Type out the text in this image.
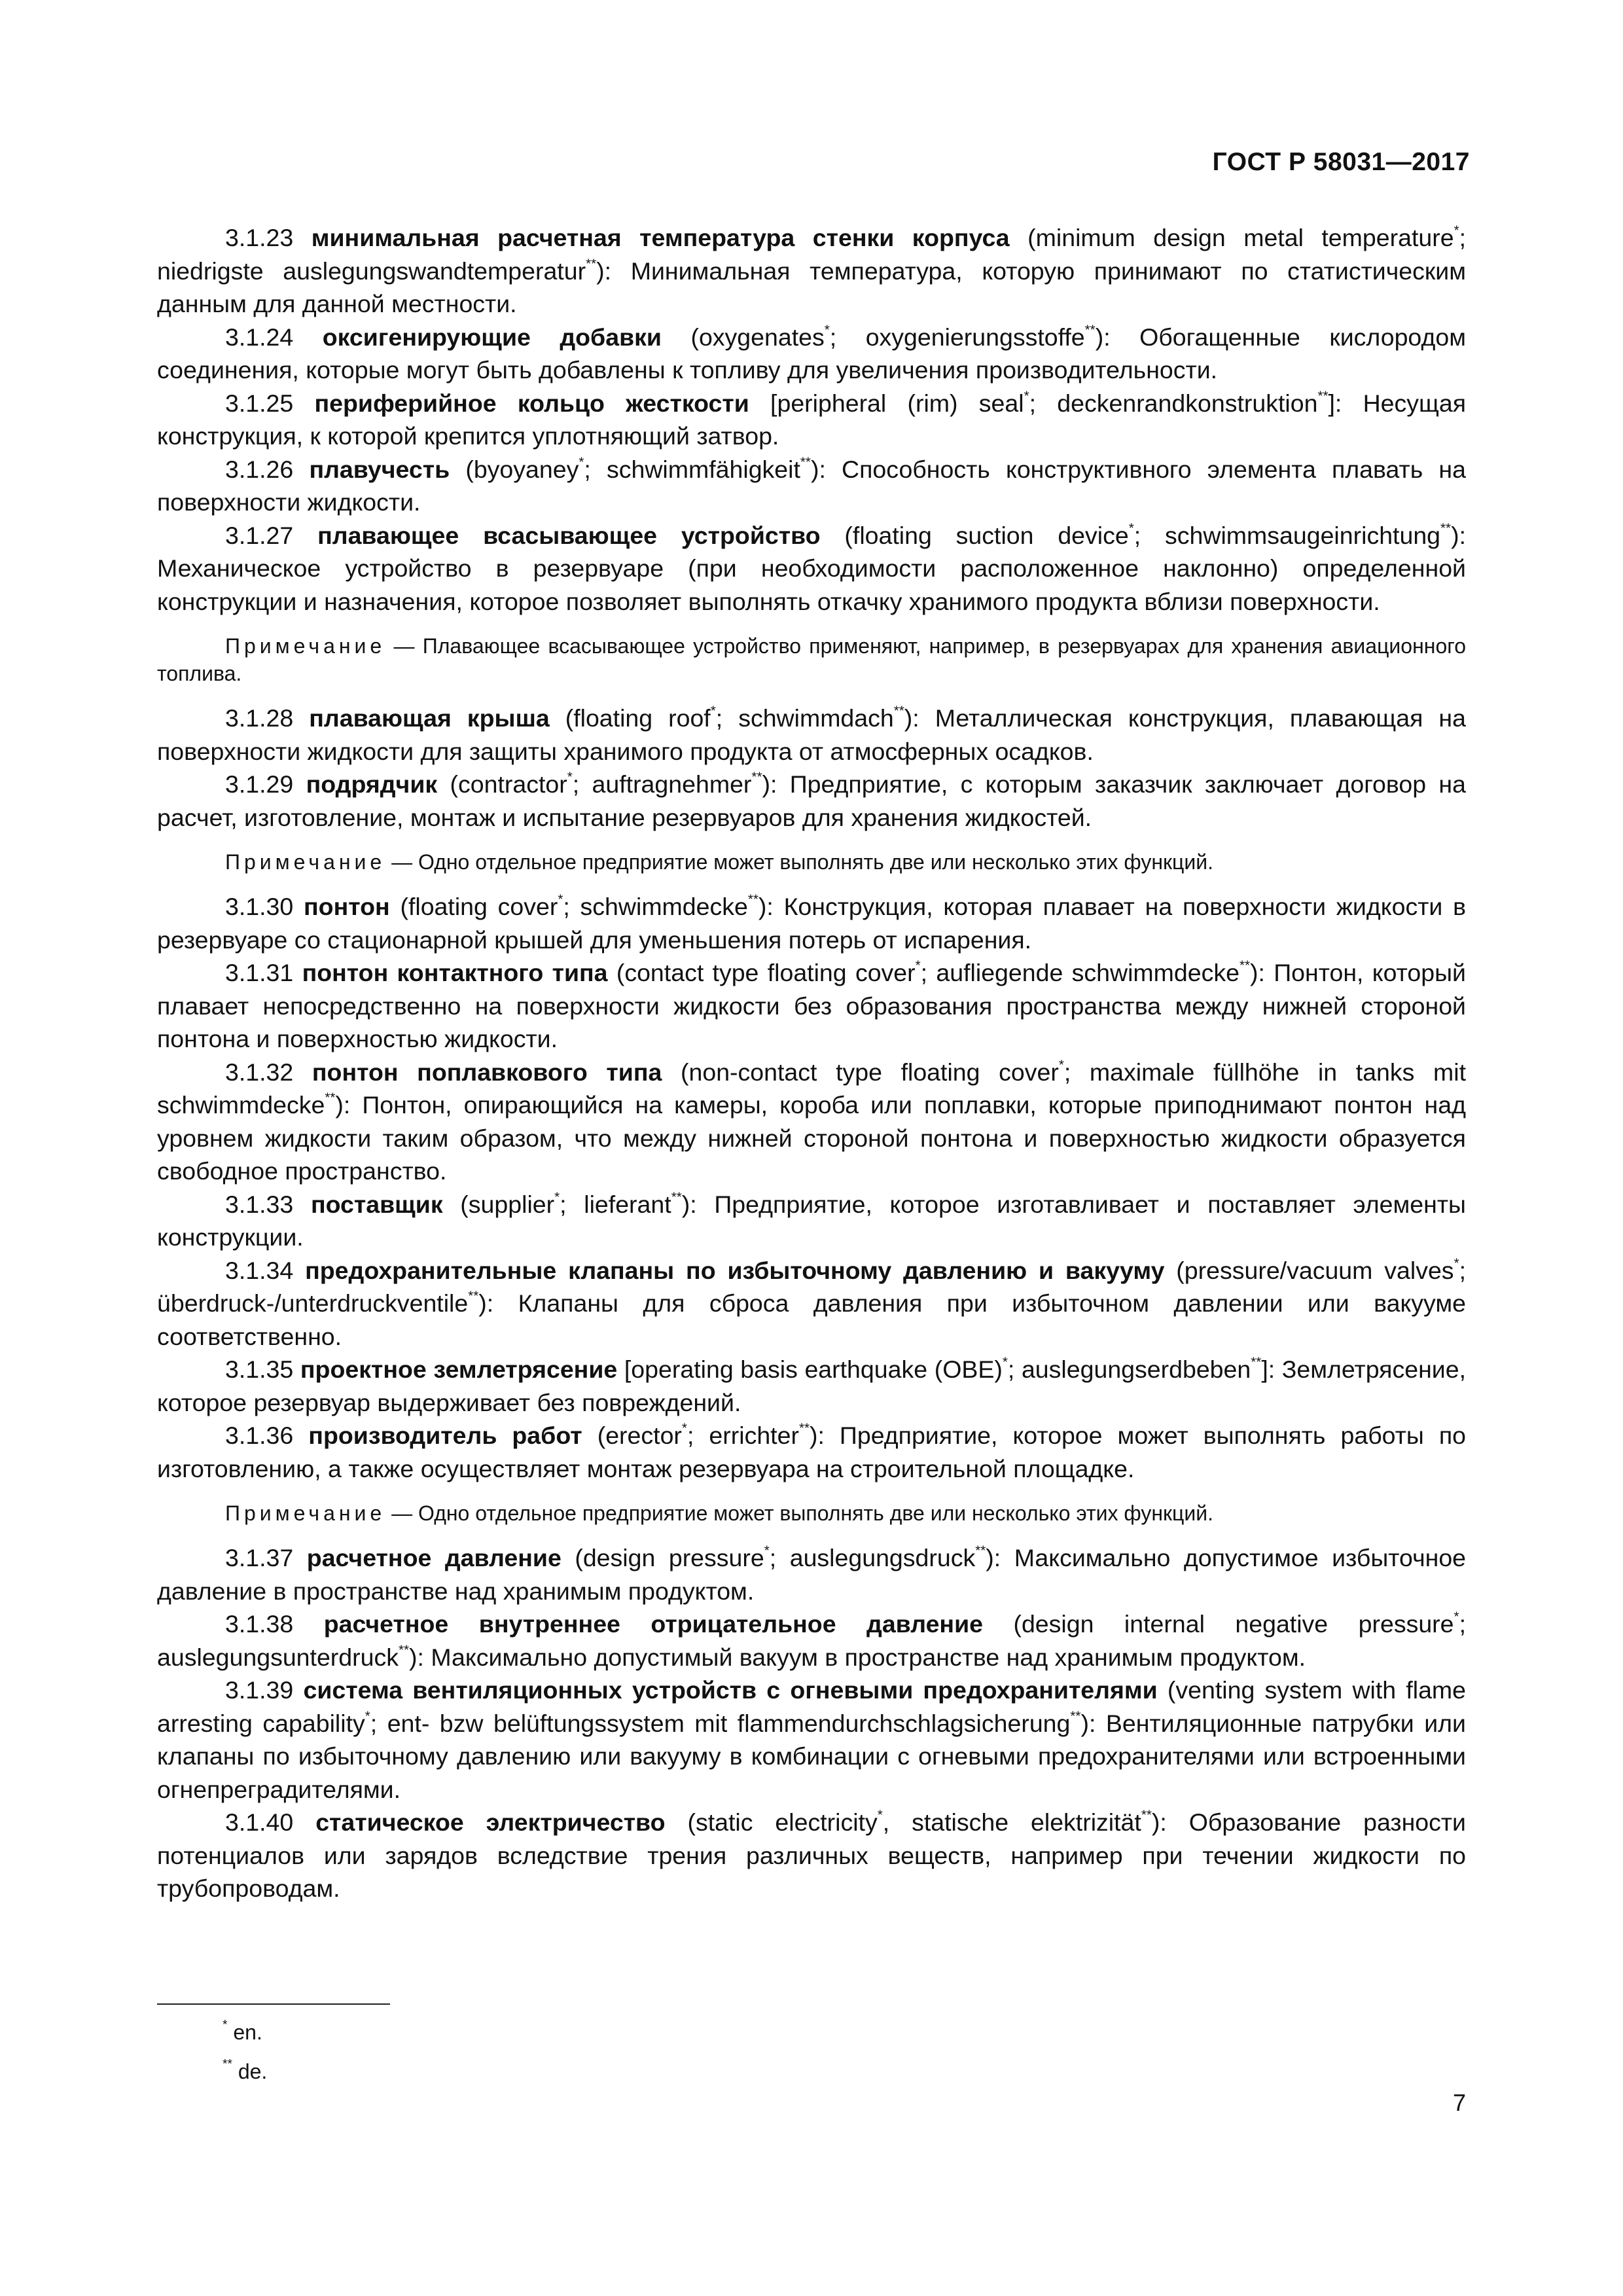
ГОСТ Р 58031—2017

3.1.23 минимальная расчетная температура стенки корпуса (minimum design metal temperature*; niedrigste auslegungswandtemperatur**): Минимальная температура, которую принимают по статистическим данным для данной местности.

3.1.24 оксигенирующие добавки (oxygenates*; oxygenierungsstoffe**): Обогащенные кислородом соединения, которые могут быть добавлены к топливу для увеличения производительности.

3.1.25 периферийное кольцо жесткости [peripheral (rim) seal*; deckenrandkonstruktion**]: Несущая конструкция, к которой крепится уплотняющий затвор.

3.1.26 плавучесть (byoyaney*; schwimmfähigkeit**): Способность конструктивного элемента плавать на поверхности жидкости.

3.1.27 плавающее всасывающее устройство (floating suction device*; schwimmsaugeinrichtung**): Механическое устройство в резервуаре (при необходимости расположенное наклонно) определенной конструкции и назначения, которое позволяет выполнять откачку хранимого продукта вблизи поверхности.

Примечание — Плавающее всасывающее устройство применяют, например, в резервуарах для хранения авиационного топлива.

3.1.28 плавающая крыша (floating roof*; schwimmdach**): Металлическая конструкция, плавающая на поверхности жидкости для защиты хранимого продукта от атмосферных осадков.

3.1.29 подрядчик (contractor*; auftragnehmer**): Предприятие, с которым заказчик заключает договор на расчет, изготовление, монтаж и испытание резервуаров для хранения жидкостей.

Примечание — Одно отдельное предприятие может выполнять две или несколько этих функций.

3.1.30 понтон (floating cover*; schwimmdecke**): Конструкция, которая плавает на поверхности жидкости в резервуаре со стационарной крышей для уменьшения потерь от испарения.

3.1.31 понтон контактного типа (contact type floating cover*; aufliegende schwimmdecke**): Понтон, который плавает непосредственно на поверхности жидкости без образования пространства между нижней стороной понтона и поверхностью жидкости.

3.1.32 понтон поплавкового типа (non-contact type floating cover*; maximale füllhöhe in tanks mit schwimmdecke**): Понтон, опирающийся на камеры, короба или поплавки, которые приподнимают понтон над уровнем жидкости таким образом, что между нижней стороной понтона и поверхностью жидкости образуется свободное пространство.

3.1.33 поставщик (supplier*; lieferant**): Предприятие, которое изготавливает и поставляет элементы конструкции.

3.1.34 предохранительные клапаны по избыточному давлению и вакууму (pressure/vacuum valves*; überdruck-/unterdruckventile**): Клапаны для сброса давления при избыточном давлении или вакууме соответственно.

3.1.35 проектное землетрясение [operating basis earthquake (OBE)*; auslegungserdbeben**]: Землетрясение, которое резервуар выдерживает без повреждений.

3.1.36 производитель работ (erector*; errichter**): Предприятие, которое может выполнять работы по изготовлению, а также осуществляет монтаж резервуара на строительной площадке.

Примечание — Одно отдельное предприятие может выполнять две или несколько этих функций.

3.1.37 расчетное давление (design pressure*; auslegungsdruck**): Максимально допустимое избыточное давление в пространстве над хранимым продуктом.

3.1.38 расчетное внутреннее отрицательное давление (design internal negative pressure*; auslegungsunterdruck**): Максимально допустимый вакуум в пространстве над хранимым продуктом.

3.1.39 система вентиляционных устройств с огневыми предохранителями (venting system with flame arresting capability*; ent- bzw belüftungssystem mit flammendurchschlagsicherung**): Вентиляционные патрубки или клапаны по избыточному давлению или вакууму в комбинации с огневыми предохранителями или встроенными огнепреградителями.

3.1.40 статическое электричество (static electricity*, statische elektrizität**): Образование разности потенциалов или зарядов вследствие трения различных веществ, например при течении жидкости по трубопроводам.

* en.
** de.
7
